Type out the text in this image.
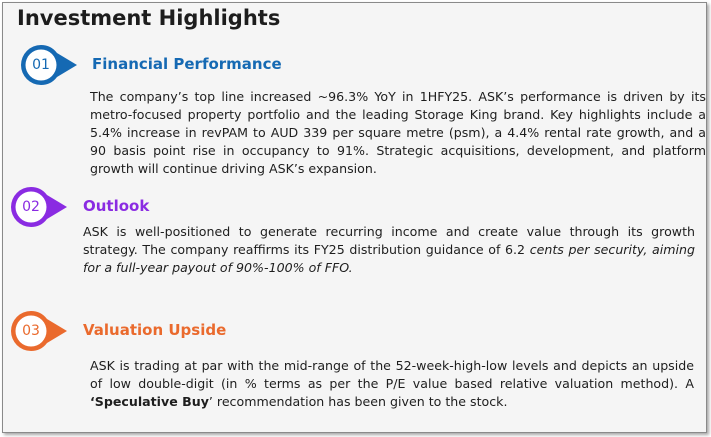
Investment Highlights
01	Financial Performance

The company’s top line increased ~96.3% YoY in 1HFY25. ASK’s performance is driven by its metro-focused property portfolio and the leading Storage King brand. Key highlights include a 5.4% increase in revPAM to AUD 339 per square metre (psm), a 4.4% rental rate growth, and a 90 basis point rise in occupancy to 91%. Strategic acquisitions, development, and platform growth will continue driving ASK’s expansion.

02	Outlook

ASK is well-positioned to generate recurring income and create value through its growth strategy. The company reaffirms its FY25 distribution guidance of 6.2 cents per security, aiming for a full-year payout of 90%-100% of FFO.

03	Valuation Upside

ASK is trading at par with the mid-range of the 52-week-high-low levels and depicts an upside of low double-digit (in % terms as per the P/E value based relative valuation method). A ‘Speculative Buy’ recommendation has been given to the stock.
